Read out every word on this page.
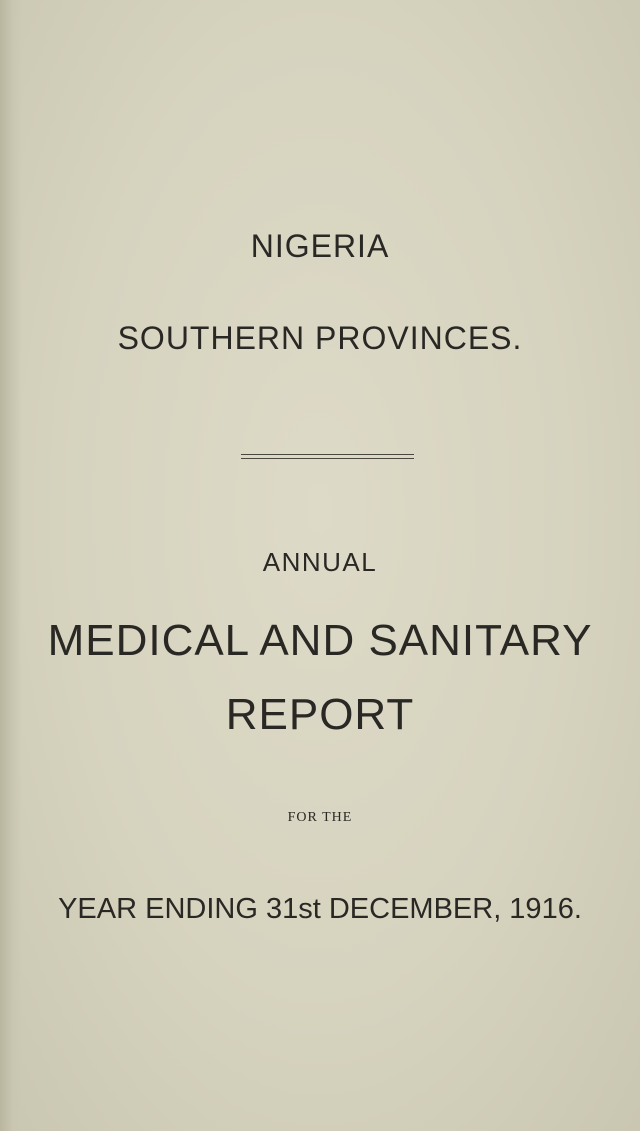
NIGERIA

SOUTHERN PROVINCES.

ANNUAL

MEDICAL AND SANITARY

REPORT

FOR THE

YEAR ENDING 31st DECEMBER, 1916.
